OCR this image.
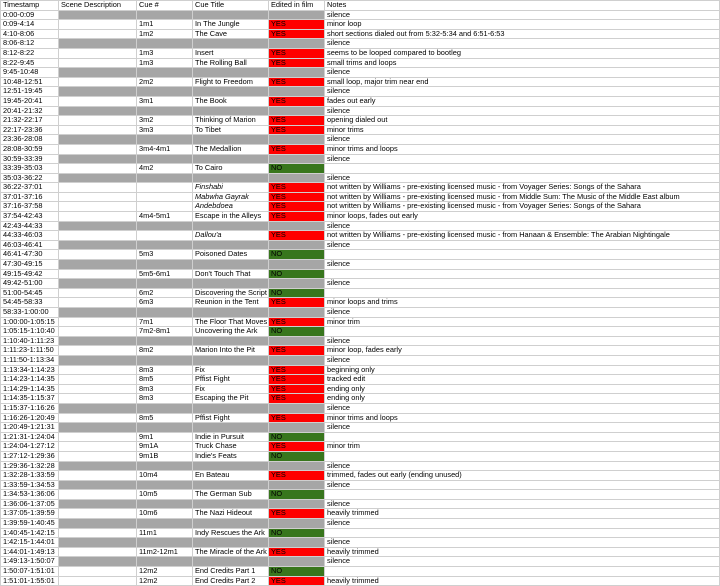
Timestamp	Scene Description	Cue #	Cue Title	Edited in film	Notes
0:00-0:09					silence
0:09-4:14		1m1	In The Jungle	YES	minor loop
4:10-8:06		1m2	The Cave	YES	short sections dialed out from 5:32-5:34 and 6:51-6:53
8:06-8:12					silence
8:12-8:22		1m3	Insert	YES	seems to be looped compared to bootleg
8:22-9:45		1m3	The Rolling Ball	YES	small trims and loops
9:45-10:48					silence
10:48-12:51		2m2	Flight to Freedom	YES	small loop, major trim near end
12:51-19:45					silence
19:45-20:41		3m1	The Book	YES	fades out early
20:41-21:32					silence
21:32-22:17		3m2	Thinking of Marion	YES	opening dialed out
22:17-23:36		3m3	To Tibet	YES	minor trims
23:36-28:08					silence
28:08-30:59		3m4-4m1	The Medallion	YES	minor trims and loops
30:59-33:39					silence
33:39-35:03		4m2	To Cairo	NO	
35:03-36:22					silence
36:22-37:01			Finshabi	YES	not written by Williams - pre-existing licensed music - from Voyager Series: Songs of the Sahara
37:01-37:16			Mabwha Gayrak	YES	not written by Williams - pre-existing licensed music - from Middle Sum: The Music of the Middle East album
37:16-37:58			Andebdoea	YES	not written by Williams - pre-existing licensed music - from Voyager Series: Songs of the Sahara
37:54-42:43		4m4-5m1	Escape in the Alleys	YES	minor loops, fades out early
42:43-44:33					silence
44:33-46:03			Dallou'a	YES	not written by Williams - pre-existing licensed music - from Hanaan & Ensemble: The Arabian Nightingale
46:03-46:41					silence
46:41-47:30		5m3	Poisoned Dates	NO	
47:30-49:15					silence
49:15-49:42		5m5-6m1	Don't Touch That	NO	
49:42-51:00					silence
51:00-54:45		6m2	Discovering the Script	NO	
54:45-58:33		6m3	Reunion in the Tent	YES	minor loops and trims
58:33-1:00:00					silence
1:00:00-1:05:15		7m1	The Floor That Moves	YES	minor trim
1:05:15-1:10:40		7m2-8m1	Uncovering the Ark	NO	
1:10:40-1:11:23					silence
1:11:23-1:11:50		8m2	Marion Into the Pit	YES	minor loop, fades early
1:11:50-1:13:34					silence
1:13:34-1:14:23		8m3	Fix	YES	beginning only
1:14:23-1:14:35		8m5	Pffist Fight	YES	tracked edit
1:14:29-1:14:35		8m3	Fix	YES	ending only
1:14:35-1:15:37		8m3	Escaping the Pit	YES	ending only
1:15:37-1:16:26					silence
1:16:26-1:20:49		8m5	Pffist Fight	YES	minor trims and loops
1:20:49-1:21:31					silence
1:21:31-1:24:04		9m1	Indie in Pursuit	NO	
1:24:04-1:27:12		9m1A	Truck Chase	YES	minor trim
1:27:12-1:29:36		9m1B	Indie's Feats	NO	
1:29:36-1:32:28					silence
1:32:28-1:33:59		10m4	En Bateau	YES	trimmed, fades out early (ending unused)
1:33:59-1:34:53					silence
1:34:53-1:36:06		10m5	The German Sub	NO	
1:36:06-1:37:05					silence
1:37:05-1:39:59		10m6	The Nazi Hideout	YES	heavily trimmed
1:39:59-1:40:45					silence
1:40:45-1:42:15		11m1	Indy Rescues the Ark	NO	
1:42:15-1:44:01					silence
1:44:01-1:49:13		11m2-12m1	The Miracle of the Ark	YES	heavily trimmed
1:49:13-1:50:07					silence
1:50:07-1:51:01		12m2	End Credits Part 1	NO	
1:51:01-1:55:01		12m2	End Credits Part 2	YES	heavily trimmed
